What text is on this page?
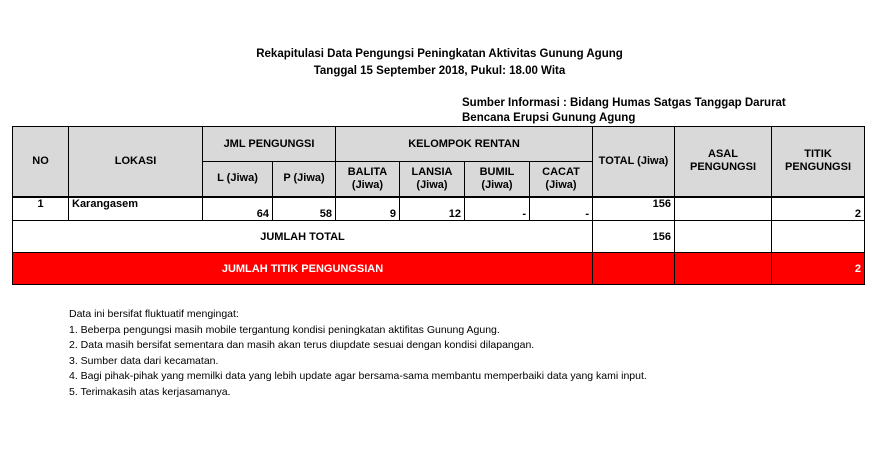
Rekapitulasi Data Pengungsi Peningkatan Aktivitas Gunung Agung
Tanggal 15 September 2018, Pukul: 18.00 Wita
Sumber Informasi : Bidang Humas Satgas Tanggap Darurat
Bencana Erupsi Gunung Agung
NO	LOKASI	JML PENGUNGSI		KELOMPOK RENTAN				TOTAL (Jiwa)	ASAL PENGUNGSI	TITIK PENGUNGSI
		L (Jiwa)	P (Jiwa)	BALITA (Jiwa)	LANSIA (Jiwa)	BUMIL (Jiwa)	CACAT (Jiwa)			
1	Karangasem	64	58	9	12	-	-	156		2
JUMLAH TOTAL								156		
JUMLAH TITIK PENGUNGSIAN										2
Data ini bersifat fluktuatif mengingat:
1. Beberpa pengungsi masih mobile tergantung kondisi peningkatan aktifitas Gunung Agung.
2. Data masih bersifat sementara dan masih akan terus diupdate sesuai dengan kondisi dilapangan.
3. Sumber data dari kecamatan.
4. Bagi pihak-pihak yang memilki data yang lebih update agar bersama-sama membantu memperbaiki data yang kami input.
5. Terimakasih atas kerjasamanya.
